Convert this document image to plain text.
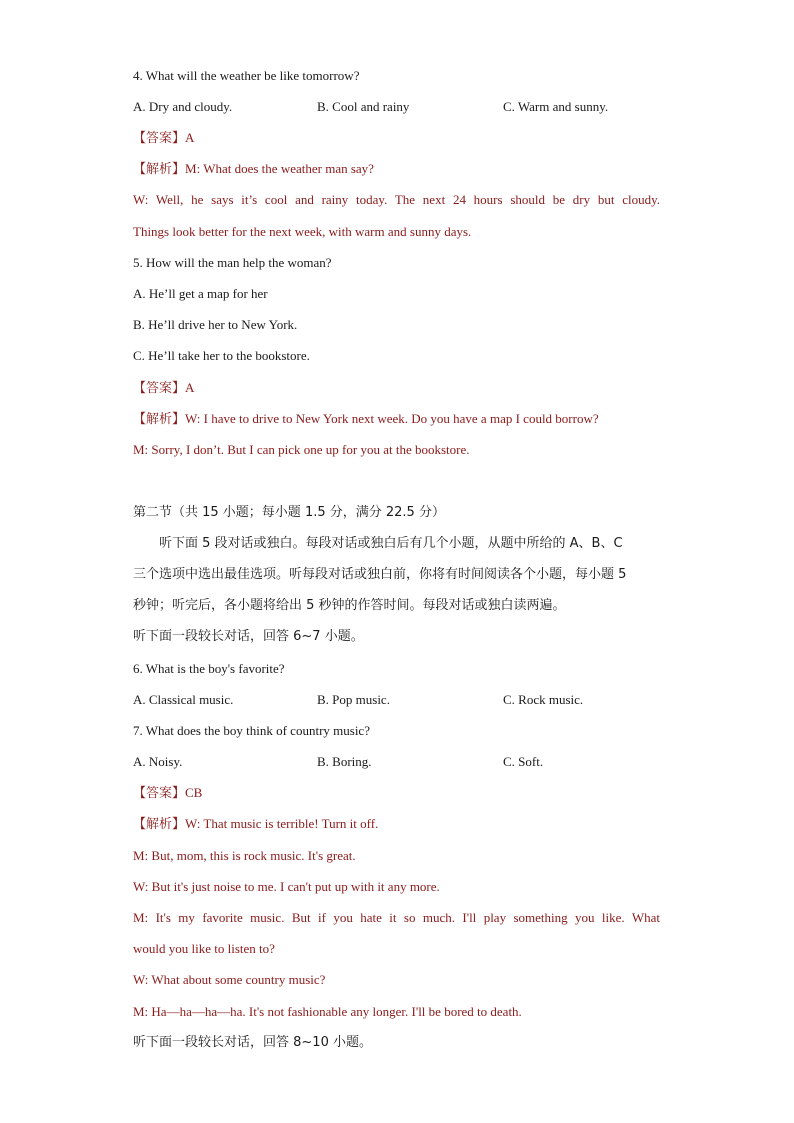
4. What will the weather be like tomorrow?
A. Dry and cloudy.	B. Cool and rainy	C. Warm and sunny.
【答案】A
【解析】M: What does the weather man say?
W: Well, he says it’s cool and rainy today. The next 24 hours should be dry but cloudy.
Things look better for the next week, with warm and sunny days.
5. How will the man help the woman?
A. He’ll get a map for her
B. He’ll drive her to New York.
C. He’ll take her to the bookstore.
【答案】A
【解析】W: I have to drive to New York next week. Do you have a map I could borrow?
M: Sorry, I don’t. But I can pick one up for you at the bookstore.
第二节（共 15 小题；每小题 1.5 分，满分 22.5 分）
听下面 5 段对话或独白。每段对话或独白后有几个小题，从题中所给的 A、B、C
三个选项中选出最佳选项。听每段对话或独白前，你将有时间阅读各个小题，每小题 5
秒钟；听完后，各小题将给出 5 秒钟的作答时间。每段对话或独白读两遍。
听下面一段较长对话，回答 6~7 小题。
6. What is the boy's favorite?
A. Classical music.	B. Pop music.	C. Rock music.
7. What does the boy think of country music?
A. Noisy.	B. Boring.	C. Soft.
【答案】CB
【解析】W: That music is terrible! Turn it off.
M: But, mom, this is rock music. It's great.
W: But it's just noise to me. I can't put up with it any more.
M: It's my favorite music. But if you hate it so much. I'll play something you like. What
would you like to listen to?
W: What about some country music?
M: Ha—ha—ha—ha. It's not fashionable any longer. I'll be bored to death.
听下面一段较长对话，回答 8~10 小题。
